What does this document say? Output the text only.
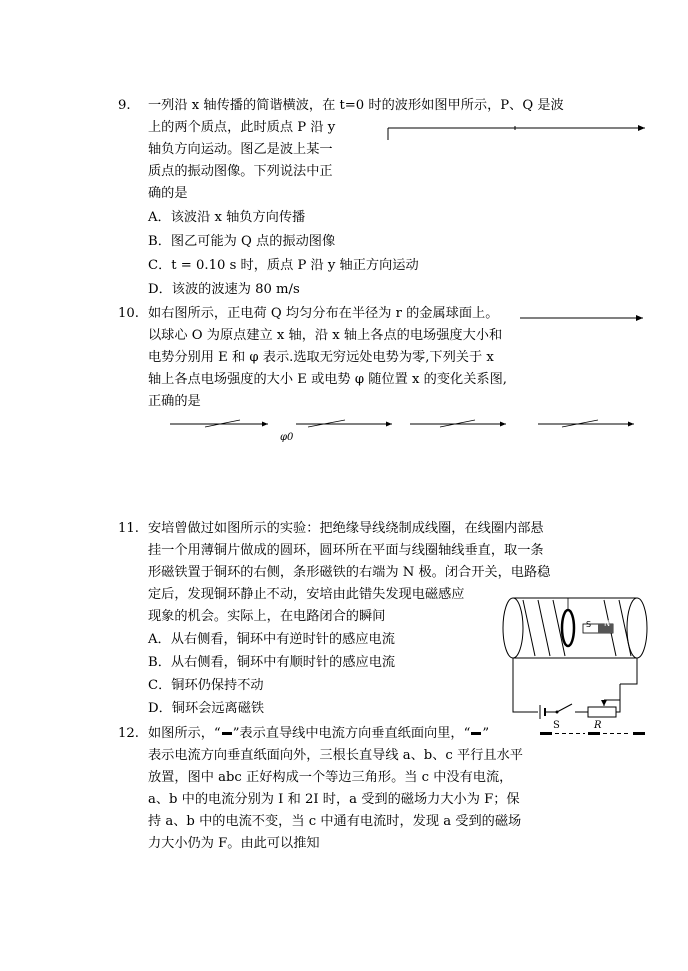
9. 一列沿 x 轴传播的简谐横波，在 t=0 时的波形如图甲所示，P、Q 是波
上的两个质点，此时质点 P 沿 y
轴负方向运动。图乙是波上某一
质点的振动图像。下列说法中正
确的是
A．该波沿 x 轴负方向传播
B．图乙可能为 Q 点的振动图像
C．t = 0.10 s 时，质点 P 沿 y 轴正方向运动
D．该波的波速为 80 m/s
10. 如右图所示，正电荷 Q 均匀分布在半径为 r 的金属球面上。
以球心 O 为原点建立 x 轴，沿 x 轴上各点的电场强度大小和
电势分别用 E 和 φ 表示.选取无穷远处电势为零,下列关于 x
轴上各点电场强度的大小 E 或电势 φ 随位置 x 的变化关系图,
正确的是
φ0
11. 安培曾做过如图所示的实验：把绝缘导线绕制成线圈，在线圈内部悬
挂一个用薄铜片做成的圆环，圆环所在平面与线圈轴线垂直，取一条
形磁铁置于铜环的右侧，条形磁铁的右端为 N 极。闭合开关，电路稳
定后，发现铜环静止不动，安培由此错失发现电磁感应
现象的机会。实际上，在电路闭合的瞬间
A．从右侧看，铜环中有逆时针的感应电流
B．从右侧看，铜环中有顺时针的感应电流
C．铜环仍保持不动
D．铜环会远离磁铁
S N
S	R
12. 如图所示，“ ”表示直导线中电流方向垂直纸面向里，“ ”
表示电流方向垂直纸面向外，三根长直导线 a、b、c 平行且水平
放置，图中 abc 正好构成一个等边三角形。当 c 中没有电流，
a、b 中的电流分别为 I 和 2I 时，a 受到的磁场力大小为 F；保
持 a、b 中的电流不变，当 c 中通有电流时，发现 a 受到的磁场
力大小仍为 F。由此可以推知
